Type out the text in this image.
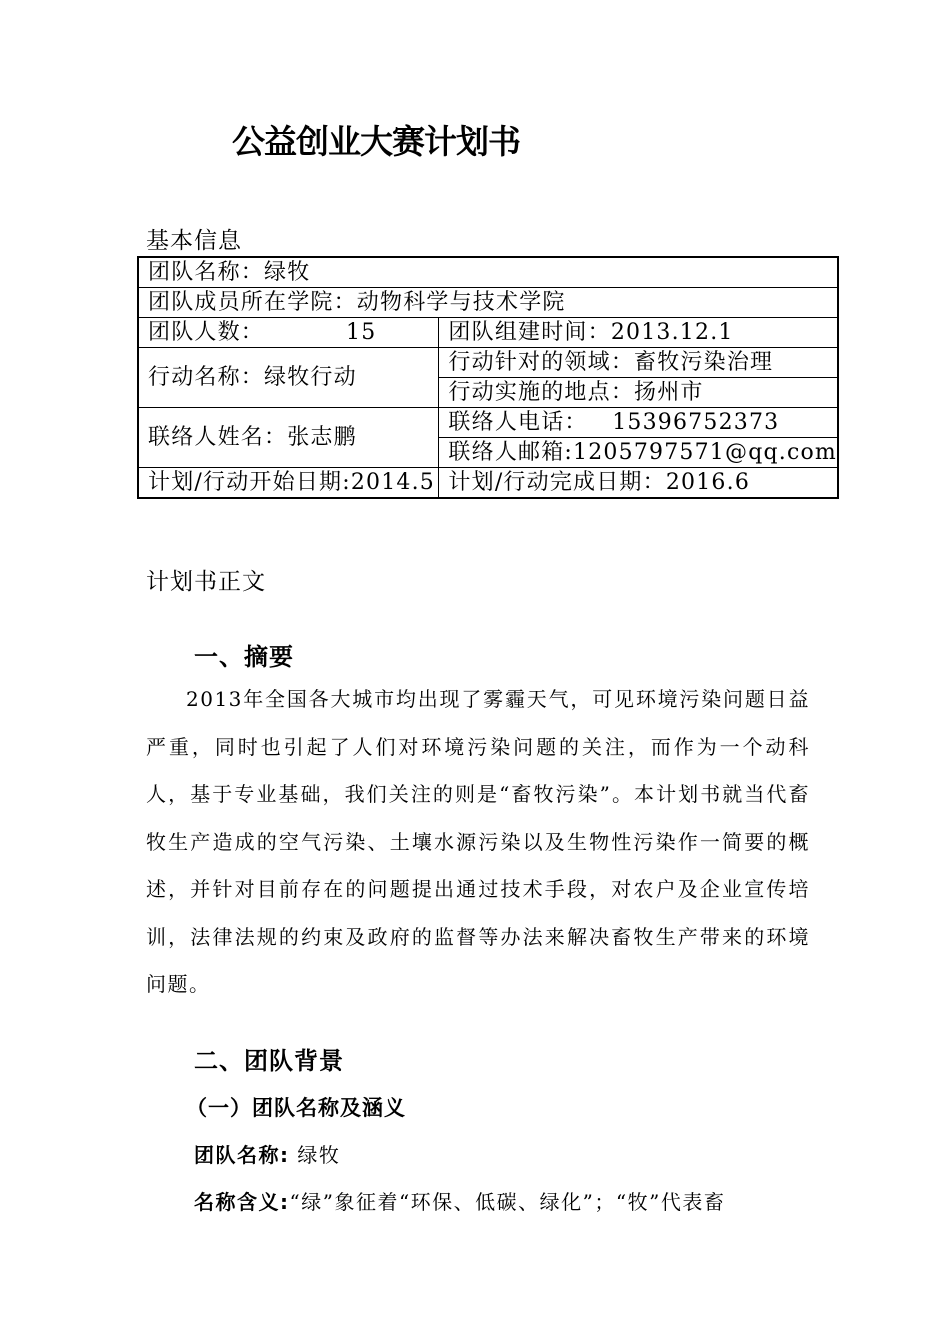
公益创业大赛计划书
基本信息
团队名称：绿牧	
团队成员所在学院：动物科学与技术学院	
团队人数： 15	团队组建时间：2013.12.1
行动名称：绿牧行动	行动针对的领域：畜牧污染治理
	行动实施的地点：扬州市
联络人姓名：张志鹏	联络人电话：   15396752373
	联络人邮箱:1205797571@qq.com
计划/行动开始日期:2014.5	计划/行动完成日期：2016.6
计划书正文
一、摘要
2013年全国各大城市均出现了雾霾天气，可见环境污染问题日益严重，同时也引起了人们对环境污染问题的关注，而作为一个动科人，基于专业基础，我们关注的则是“畜牧污染”。本计划书就当代畜牧生产造成的空气污染、土壤水源污染以及生物性污染作一简要的概述，并针对目前存在的问题提出通过技术手段，对农户及企业宣传培训，法律法规的约束及政府的监督等办法来解决畜牧生产带来的环境问题。
二、团队背景
（一）团队名称及涵义
团队名称: 绿牧
名称含义:“绿”象征着“环保、低碳、绿化”；“牧”代表畜
